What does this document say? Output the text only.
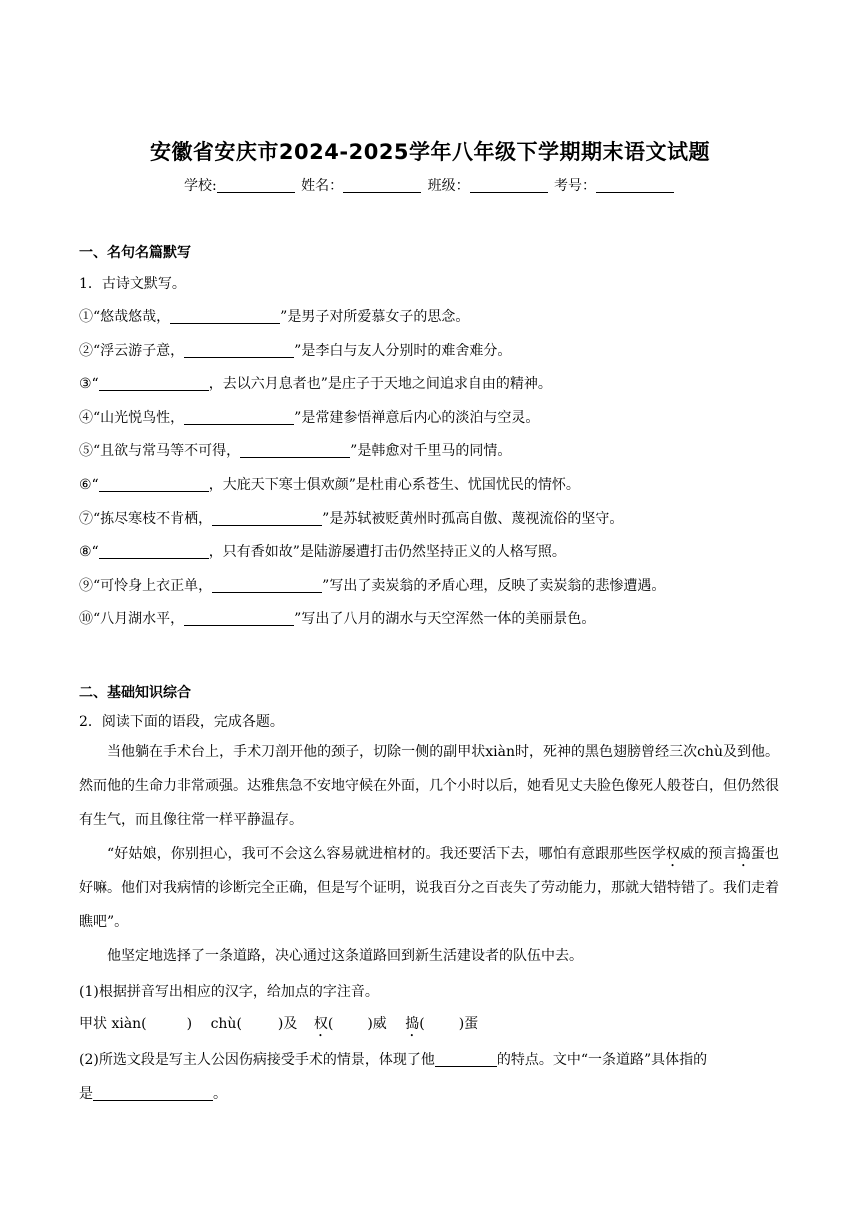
安徽省安庆市2024-2025学年八年级下学期期末语文试题
学校:	姓名：	班级：	考号：
一、名句名篇默写
1．古诗文默写。
①“悠哉悠哉，	”是男子对所爱慕女子的思念。
②“浮云游子意，	”是李白与友人分别时的难舍难分。
③“	，去以六月息者也”是庄子于天地之间追求自由的精神。
④“山光悦鸟性，	”是常建参悟禅意后内心的淡泊与空灵。
⑤“且欲与常马等不可得，	”是韩愈对千里马的同情。
⑥“	，大庇天下寒士俱欢颜”是杜甫心系苍生、忧国忧民的情怀。
⑦“拣尽寒枝不肯栖，	”是苏轼被贬黄州时孤高自傲、蔑视流俗的坚守。
⑧“	，只有香如故”是陆游屡遭打击仍然坚持正义的人格写照。
⑨“可怜身上衣正单，	”写出了卖炭翁的矛盾心理，反映了卖炭翁的悲惨遭遇。
⑩“八月湖水平，	”写出了八月的湖水与天空浑然一体的美丽景色。
二、基础知识综合
2．阅读下面的语段，完成各题。

当他躺在手术台上，手术刀剖开他的颈子，切除一侧的副甲状xiàn时，死神的黑色翅膀曾经三次chù及到他。然而他的生命力非常顽强。达雅焦急不安地守候在外面，几个小时以后，她看见丈夫脸色像死人般苍白，但仍然很有生气，而且像往常一样平静温存。

“好姑娘，你别担心，我可不会这么容易就进棺材的。我还要活下去，哪怕有意跟那些医学权威的预言捣蛋也好嘛。他们对我病情的诊断完全正确，但是写个证明，说我百分之百丧失了劳动能力，那就大错特错了。我们走着瞧吧”。

他坚定地选择了一条道路，决心通过这条道路回到新生活建设者的队伍中去。

(1)根据拼音写出相应的汉字，给加点的字注音。
甲状 xiàn(	) chù(	)及 权( )威 捣( )蛋
(2)所选文段是写主人公因伤病接受手术的情景，体现了他	的特点。文中“一条道路”具体指的
是	。
